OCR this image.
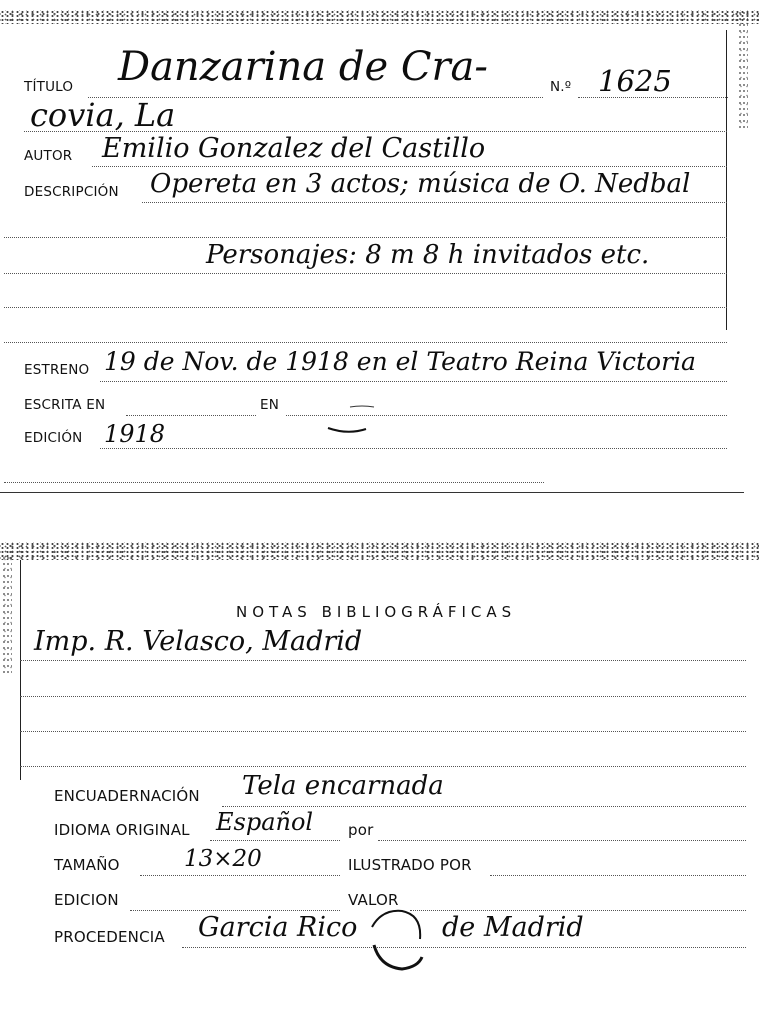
TÍTULO Danzarina de Cra-	N.º 1625
covia, La
AUTOR Emilio Gonzalez del Castillo
DESCRIPCIÓN Opereta en 3 actos; música de O. Nedbal
Personajes: 8 m 8 h invitados etc.
ESTRENO 19 de Nov. de 1918 en el Teatro Reina Victoria
ESCRITA EN	EN
EDICIÓN 1918
NOTAS BIBLIOGRÁFICAS
Imp. R. Velasco, Madrid
ENCUADERNACIÓN Tela encarnada
IDIOMA ORIGINAL Español por
TAMAÑO	13×20	ILUSTRADO POR
EDICION	VALOR
PROCEDENCIA Garcia Rico	de Madrid
